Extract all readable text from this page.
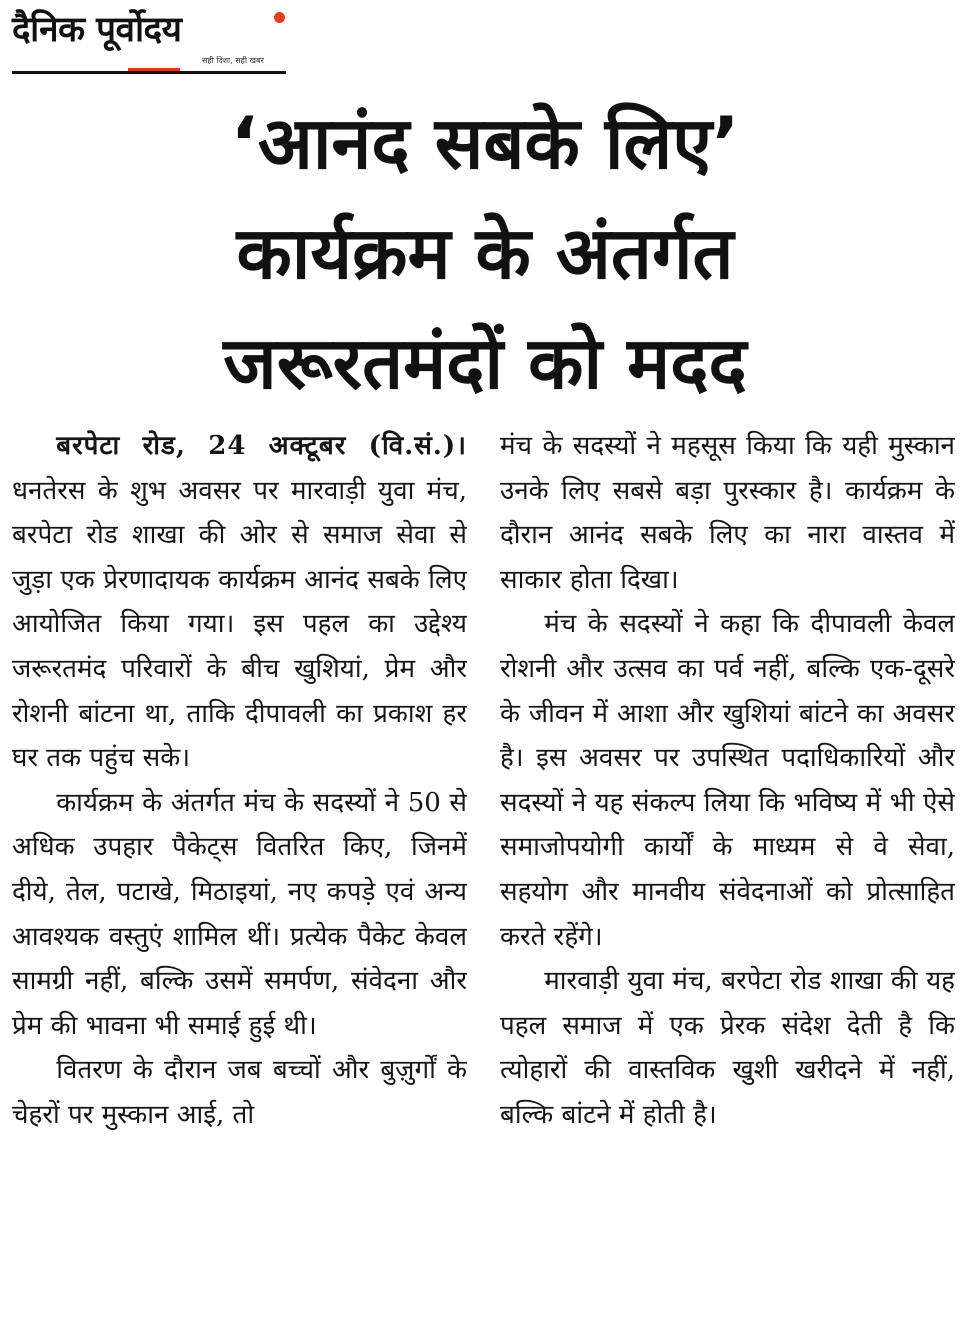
दैनिक पूर्वोदय
सही दिशा, सही खबर
‘आनंद सबके लिए’
कार्यक्रम के अंतर्गत
जरूरतमंदों को मदद

बरपेटा रोड, 24 अक्टूबर (वि.सं.)। धनतेरस के शुभ अवसर पर मारवाड़ी युवा मंच, बरपेटा रोड शाखा की ओर से समाज सेवा से जुड़ा एक प्रेरणादायक कार्यक्रम आनंद सबके लिए आयोजित किया गया। इस पहल का उद्देश्य जरूरतमंद परिवारों के बीच खुशियां, प्रेम और रोशनी बांटना था, ताकि दीपावली का प्रकाश हर घर तक पहुंच सके।

कार्यक्रम के अंतर्गत मंच के सदस्यों ने 50 से अधिक उपहार पैकेट्स वितरित किए, जिनमें दीये, तेल, पटाखे, मिठाइयां, नए कपड़े एवं अन्य आवश्यक वस्तुएं शामिल थीं। प्रत्येक पैकेट केवल सामग्री नहीं, बल्कि उसमें समर्पण, संवेदना और प्रेम की भावना भी समाई हुई थी।

वितरण के दौरान जब बच्चों और बुज़ुर्गों के चेहरों पर मुस्कान आई, तो

मंच के सदस्यों ने महसूस किया कि यही मुस्कान उनके लिए सबसे बड़ा पुरस्कार है। कार्यक्रम के दौरान आनंद सबके लिए का नारा वास्तव में साकार होता दिखा।

मंच के सदस्यों ने कहा कि दीपावली केवल रोशनी और उत्सव का पर्व नहीं, बल्कि एक-दूसरे के जीवन में आशा और खुशियां बांटने का अवसर है। इस अवसर पर उपस्थित पदाधिकारियों और सदस्यों ने यह संकल्प लिया कि भविष्य में भी ऐसे समाजोपयोगी कार्यों के माध्यम से वे सेवा, सहयोग और मानवीय संवेदनाओं को प्रोत्साहित करते रहेंगे।

मारवाड़ी युवा मंच, बरपेटा रोड शाखा की यह पहल समाज में एक प्रेरक संदेश देती है कि त्योहारों की वास्तविक खुशी खरीदने में नहीं, बल्कि बांटने में होती है।
